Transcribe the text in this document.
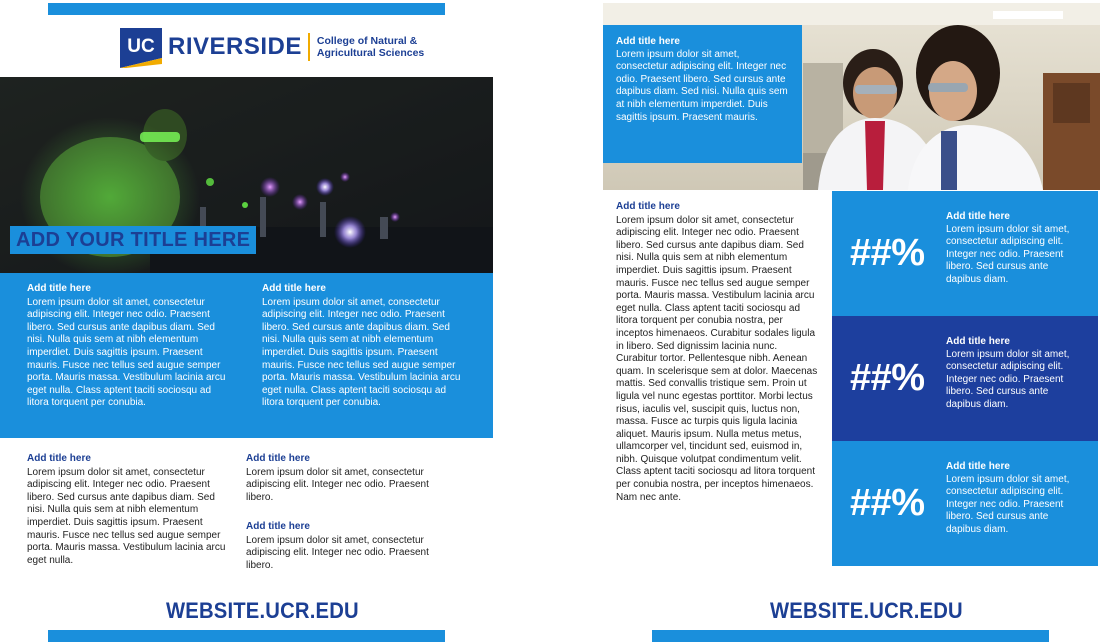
UC RIVERSIDE College of Natural &
Agricultural Sciences
ADD YOUR TITLE HERE
Add title here
Lorem ipsum dolor sit amet, consectetur adipiscing elit. Integer nec odio. Praesent libero. Sed cursus ante dapibus diam. Sed nisi. Nulla quis sem at nibh elementum imperdiet. Duis sagittis ipsum. Praesent mauris. Fusce nec tellus sed augue semper porta. Mauris massa. Vestibulum lacinia arcu eget nulla. Class aptent taciti sociosqu ad litora torquent per conubia.
Add title here
Lorem ipsum dolor sit amet, consectetur adipiscing elit. Integer nec odio. Praesent libero. Sed cursus ante dapibus diam. Sed nisi. Nulla quis sem at nibh elementum imperdiet. Duis sagittis ipsum. Praesent mauris. Fusce nec tellus sed augue semper porta. Mauris massa. Vestibulum lacinia arcu eget nulla. Class aptent taciti sociosqu ad litora torquent per conubia.
Add title here
Lorem ipsum dolor sit amet, consectetur adipiscing elit. Integer nec odio. Praesent libero. Sed cursus ante dapibus diam. Sed nisi. Nulla quis sem at nibh elementum imperdiet. Duis sagittis ipsum. Praesent mauris. Fusce nec tellus sed augue semper porta. Mauris massa. Vestibulum lacinia arcu eget nulla.
Add title here
Lorem ipsum dolor sit amet, consectetur adipiscing elit. Integer nec odio. Praesent libero.
Add title here
Lorem ipsum dolor sit amet, consectetur adipiscing elit. Integer nec odio. Praesent libero.
WEBSITE.UCR.EDU
Add title here
Lorem ipsum dolor sit amet, consectetur adipiscing elit. Integer nec odio. Praesent libero. Sed cursus ante dapibus diam. Sed nisi. Nulla quis sem at nibh elementum imperdiet. Duis sagittis ipsum. Praesent mauris.
Add title here
Lorem ipsum dolor sit amet, consectetur adipiscing elit. Integer nec odio. Praesent libero. Sed cursus ante dapibus diam. Sed nisi. Nulla quis sem at nibh elementum imperdiet. Duis sagittis ipsum. Praesent mauris. Fusce nec tellus sed augue semper porta. Mauris massa. Vestibulum lacinia arcu eget nulla. Class aptent taciti sociosqu ad litora torquent per conubia nostra, per inceptos himenaeos. Curabitur sodales ligula in libero. Sed dignissim lacinia nunc. Curabitur tortor. Pellentesque nibh. Aenean quam. In scelerisque sem at dolor. Maecenas mattis. Sed convallis tristique sem. Proin ut ligula vel nunc egestas porttitor. Morbi lectus risus, iaculis vel, suscipit quis, luctus non, massa. Fusce ac turpis quis ligula lacinia aliquet. Mauris ipsum. Nulla metus metus, ullamcorper vel, tincidunt sed, euismod in, nibh. Quisque volutpat condimentum velit. Class aptent taciti sociosqu ad litora torquent per conubia nostra, per inceptos himenaeos. Nam nec ante.
##%
Add title here
Lorem ipsum dolor sit amet, consectetur adipiscing elit. Integer nec odio. Praesent libero. Sed cursus ante dapibus diam.
##%
Add title here
Lorem ipsum dolor sit amet, consectetur adipiscing elit. Integer nec odio. Praesent libero. Sed cursus ante dapibus diam.
##%
Add title here
Lorem ipsum dolor sit amet, consectetur adipiscing elit. Integer nec odio. Praesent libero. Sed cursus ante dapibus diam.
WEBSITE.UCR.EDU
